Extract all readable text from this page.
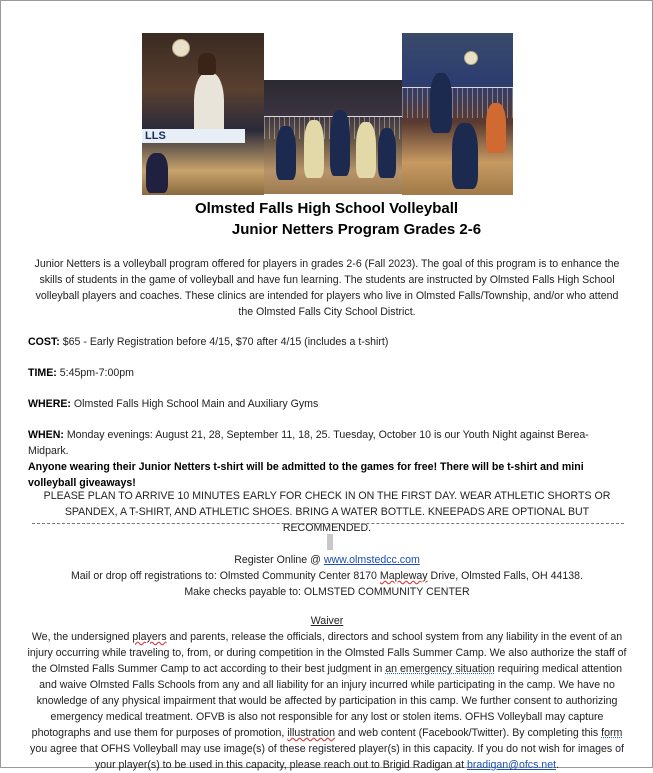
LLS
Olmsted Falls High School Volleyball
Junior Netters Program Grades 2-6
Junior Netters is a volleyball program offered for players in grades 2-6 (Fall 2023). The goal of this program is to enhance the skills of students in the game of volleyball and have fun learning. The students are instructed by Olmsted Falls High School volleyball players and coaches. These clinics are intended for players who live in Olmsted Falls/Township, and/or who attend the Olmsted Falls City School District.
COST: $65 - Early Registration before 4/15, $70 after 4/15 (includes a t-shirt)
TIME: 5:45pm-7:00pm
WHERE: Olmsted Falls High School Main and Auxiliary Gyms
WHEN: Monday evenings: August 21, 28, September 11, 18, 25. Tuesday, October 10 is our Youth Night against Berea-Midpark.
Anyone wearing their Junior Netters t-shirt will be admitted to the games for free! There will be t-shirt and mini volleyball giveaways!
PLEASE PLAN TO ARRIVE 10 MINUTES EARLY FOR CHECK IN ON THE FIRST DAY. WEAR ATHLETIC SHORTS OR SPANDEX, A T-SHIRT, AND ATHLETIC SHOES. BRING A WATER BOTTLE. KNEEPADS ARE OPTIONAL BUT RECOMMENDED.
Register Online @ www.olmstedcc.com
Mail or drop off registrations to: Olmsted Community Center 8170 Mapleway Drive, Olmsted Falls, OH 44138.
Make checks payable to: OLMSTED COMMUNITY CENTER
Waiver
We, the undersigned players and parents, release the officials, directors and school system from any liability in the event of an injury occurring while traveling to, from, or during competition in the Olmsted Falls Summer Camp. We also authorize the staff of the Olmsted Falls Summer Camp to act according to their best judgment in an emergency situation requiring medical attention and waive Olmsted Falls Schools from any and all liability for an injury incurred while participating in the camp. We have no knowledge of any physical impairment that would be affected by participation in this camp. We further consent to authorizing emergency medical treatment. OFVB is also not responsible for any lost or stolen items. OFHS Volleyball may capture photographs and use them for purposes of promotion, illustration and web content (Facebook/Twitter). By completing this form you agree that OFHS Volleyball may use image(s) of these registered player(s) in this capacity. If you do not wish for images of your player(s) to be used in this capacity, please reach out to Brigid Radigan at bradigan@ofcs.net.
